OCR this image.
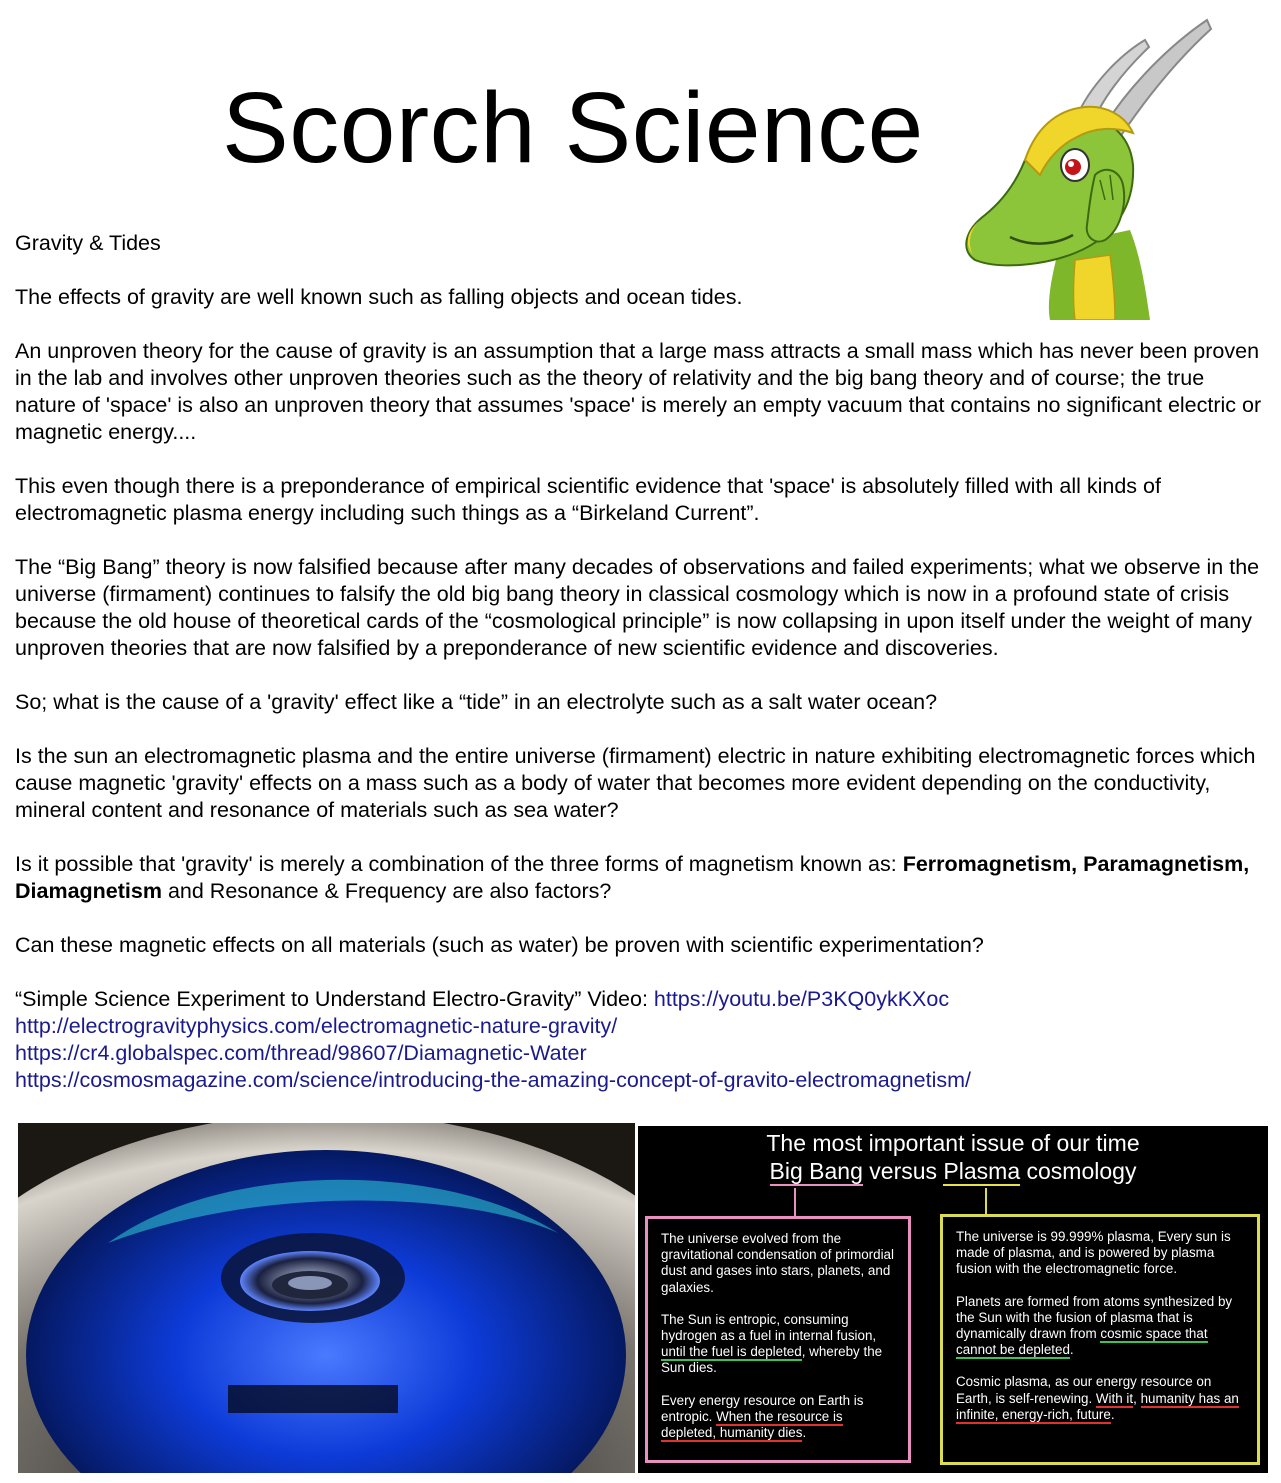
Scorch Science

Gravity & Tides

The effects of gravity are well known such as falling objects and ocean tides.

An unproven theory for the cause of gravity is an assumption that a large mass attracts a small mass which has never been proven in the lab and involves other unproven theories such as the theory of relativity and the big bang theory and of course; the true nature of 'space' is also an unproven theory that assumes 'space' is merely an empty vacuum that contains no significant electric or magnetic energy....

This even though there is a preponderance of empirical scientific evidence that 'space' is absolutely filled with all kinds of electromagnetic plasma energy including such things as a “Birkeland Current”.

The “Big Bang” theory is now falsified because after many decades of observations and failed experiments; what we observe in the universe (firmament) continues to falsify the old big bang theory in classical cosmology which is now in a profound state of crisis because the old house of theoretical cards of the “cosmological principle” is now collapsing in upon itself under the weight of many unproven theories that are now falsified by a preponderance of new scientific evidence and discoveries.

So; what is the cause of a 'gravity' effect like a “tide” in an electrolyte such as a salt water ocean?

Is the sun an electromagnetic plasma and the entire universe (firmament) electric in nature exhibiting electromagnetic forces which cause magnetic 'gravity' effects on a mass such as a body of water that becomes more evident depending on the conductivity, mineral content and resonance of materials such as sea water?

Is it possible that 'gravity' is merely a combination of the three forms of magnetism known as: Ferromagnetism, Paramagnetism, Diamagnetism and Resonance & Frequency are also factors?

Can these magnetic effects on all materials (such as water) be proven with scientific experimentation?

“Simple Science Experiment to Understand Electro-Gravity” Video: https://youtu.be/P3KQ0ykKXoc
http://electrogravityphysics.com/electromagnetic-nature-gravity/
https://cr4.globalspec.com/thread/98607/Diamagnetic-Water
https://cosmosmagazine.com/science/introducing-the-amazing-concept-of-gravito-electromagnetism/
The most important issue of our time
Big Bang versus Plasma cosmology

The universe evolved from the gravitational condensation of primordial dust and gases into stars, planets, and galaxies.

The Sun is entropic, consuming hydrogen as a fuel in internal fusion, until the fuel is depleted, whereby the Sun dies.

Every energy resource on Earth is entropic. When the resource is depleted, humanity dies.

The universe is 99.999% plasma, Every sun is made of plasma, and is powered by plasma fusion with the electromagnetic force.

Planets are formed from atoms synthesized by the Sun with the fusion of plasma that is dynamically drawn from cosmic space that cannot be depleted.

Cosmic plasma, as our energy resource on Earth, is self-renewing. With it, humanity has an infinite, energy-rich, future.
